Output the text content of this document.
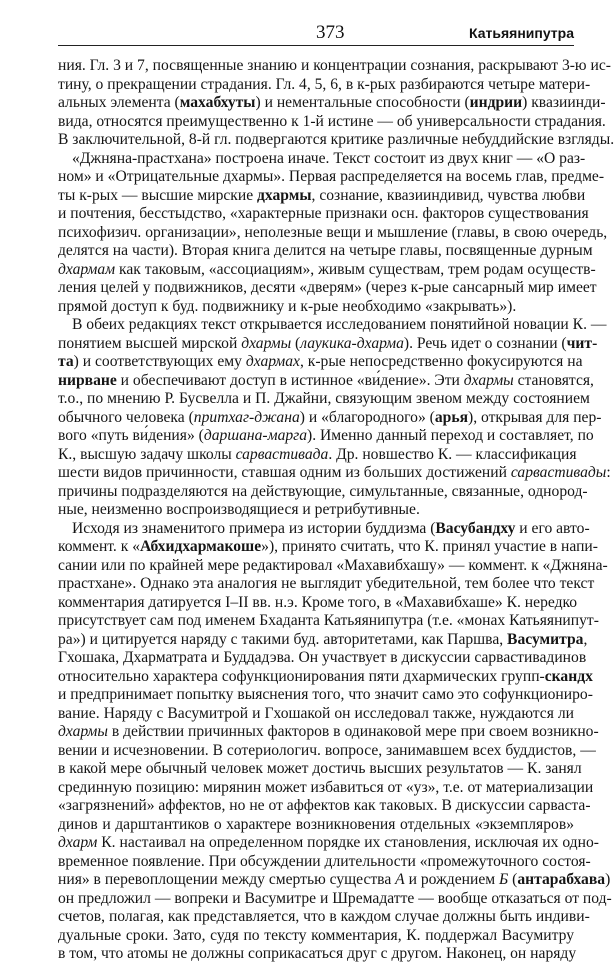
373	Катьяянипутра
ния. Гл. 3 и 7, посвященные знанию и концентрации сознания, раскрывают 3-ю ис-
тину, о прекращении страдания. Гл. 4, 5, 6, в к-рых разбираются четыре матери-
альных элемента (махабхуты) и нементальные способности (индрии) квазиинди-
вида, относятся преимущественно к 1-й истине — об универсальности страдания.
В заключительной, 8-й гл. подвергаются критике различные небуддийские взгляды.
«Джняна-прастхана» построена иначе. Текст состоит из двух книг — «О раз-
ном» и «Отрицательные дхармы». Первая распределяется на восемь глав, предме-
ты к-рых — высшие мирские дхармы, сознание, квазииндивид, чувства любви
и почтения, бесстыдство, «характерные признаки осн. факторов существования
психофизич. организации», неполезные вещи и мышление (главы, в свою очередь,
делятся на части). Вторая книга делится на четыре главы, посвященные дурным
дхармам как таковым, «ассоциациям», живым существам, трем родам осуществ-
ления целей у подвижников, десяти «дверям» (через к-рые сансарный мир имеет
прямой доступ к буд. подвижнику и к-рые необходимо «закрывать»).
В обеих редакциях текст открывается исследованием понятийной новации К. —
понятием высшей мирской дхармы (лаукика-дхарма). Речь идет о сознании (чит-
та) и соответствующих ему дхармах, к-рые непосредственно фокусируются на
нирване и обеспечивают доступ в истинное «ви́дение». Эти дхармы становятся,
т.о., по мнению Р. Бусвелла и П. Джайни, связующим звеном между состоянием
обычного человека (притхаг-джана) и «благородного» (арья), открывая для пер-
вого «путь ви́дения» (даршана-марга). Именно данный переход и составляет, по
К., высшую задачу школы сарвастивада. Др. новшество К. — классификация
шести видов причинности, ставшая одним из больших достижений сарвастивады:
причины подразделяются на действующие, симультанные, связанные, однород-
ные, неизменно воспроизводящиеся и ретрибутивные.
Исходя из знаменитого примера из истории буддизма (Васубандху и его авто-
коммент. к «Абхидхармакоше»), принято считать, что К. принял участие в напи-
сании или по крайней мере редактировал «Махавибхашу» — коммент. к «Джняна-
прастхане». Однако эта аналогия не выглядит убедительной, тем более что текст
комментария датируется I–II вв. н.э. Кроме того, в «Махавибхаше» К. нередко
присутствует сам под именем Бхаданта Катьяянипутра (т.е. «монах Катьяянипут-
ра») и цитируется наряду с такими буд. авторитетами, как Паршва, Васумитра,
Гхошака, Дхарматрата и Буддадэва. Он участвует в дискуссии сарвастивадинов
относительно характера софункционирования пяти дхармических групп-скандх
и предпринимает попытку выяснения того, что значит само это софункциониро-
вание. Наряду с Васумитрой и Гхошакой он исследовал также, нуждаются ли
дхармы в действии причинных факторов в одинаковой мере при своем возникно-
вении и исчезновении. В сотериологич. вопросе, занимавшем всех буддистов, —
в какой мере обычный человек может достичь высших результатов — К. занял
срединную позицию: мирянин может избавиться от «уз», т.е. от материализации
«загрязнений» аффектов, но не от аффектов как таковых. В дискуссии сарваста-
динов и дарштантиков о характере возникновения отдельных «экземпляров»
дхарм К. настаивал на определенном порядке их становления, исключая их одно-
временное появление. При обсуждении длительности «промежуточного состоя-
ния» в перевоплощении между смертью существа А и рождением Б (антарабхава)
он предложил — вопреки и Васумитре и Шремадатте — вообще отказаться от под-
счетов, полагая, как представляется, что в каждом случае должны быть индиви-
дуальные сроки. Зато, судя по тексту комментария, К. поддержал Васумитру
в том, что атомы не должны соприкасаться друг с другом. Наконец, он наряду
